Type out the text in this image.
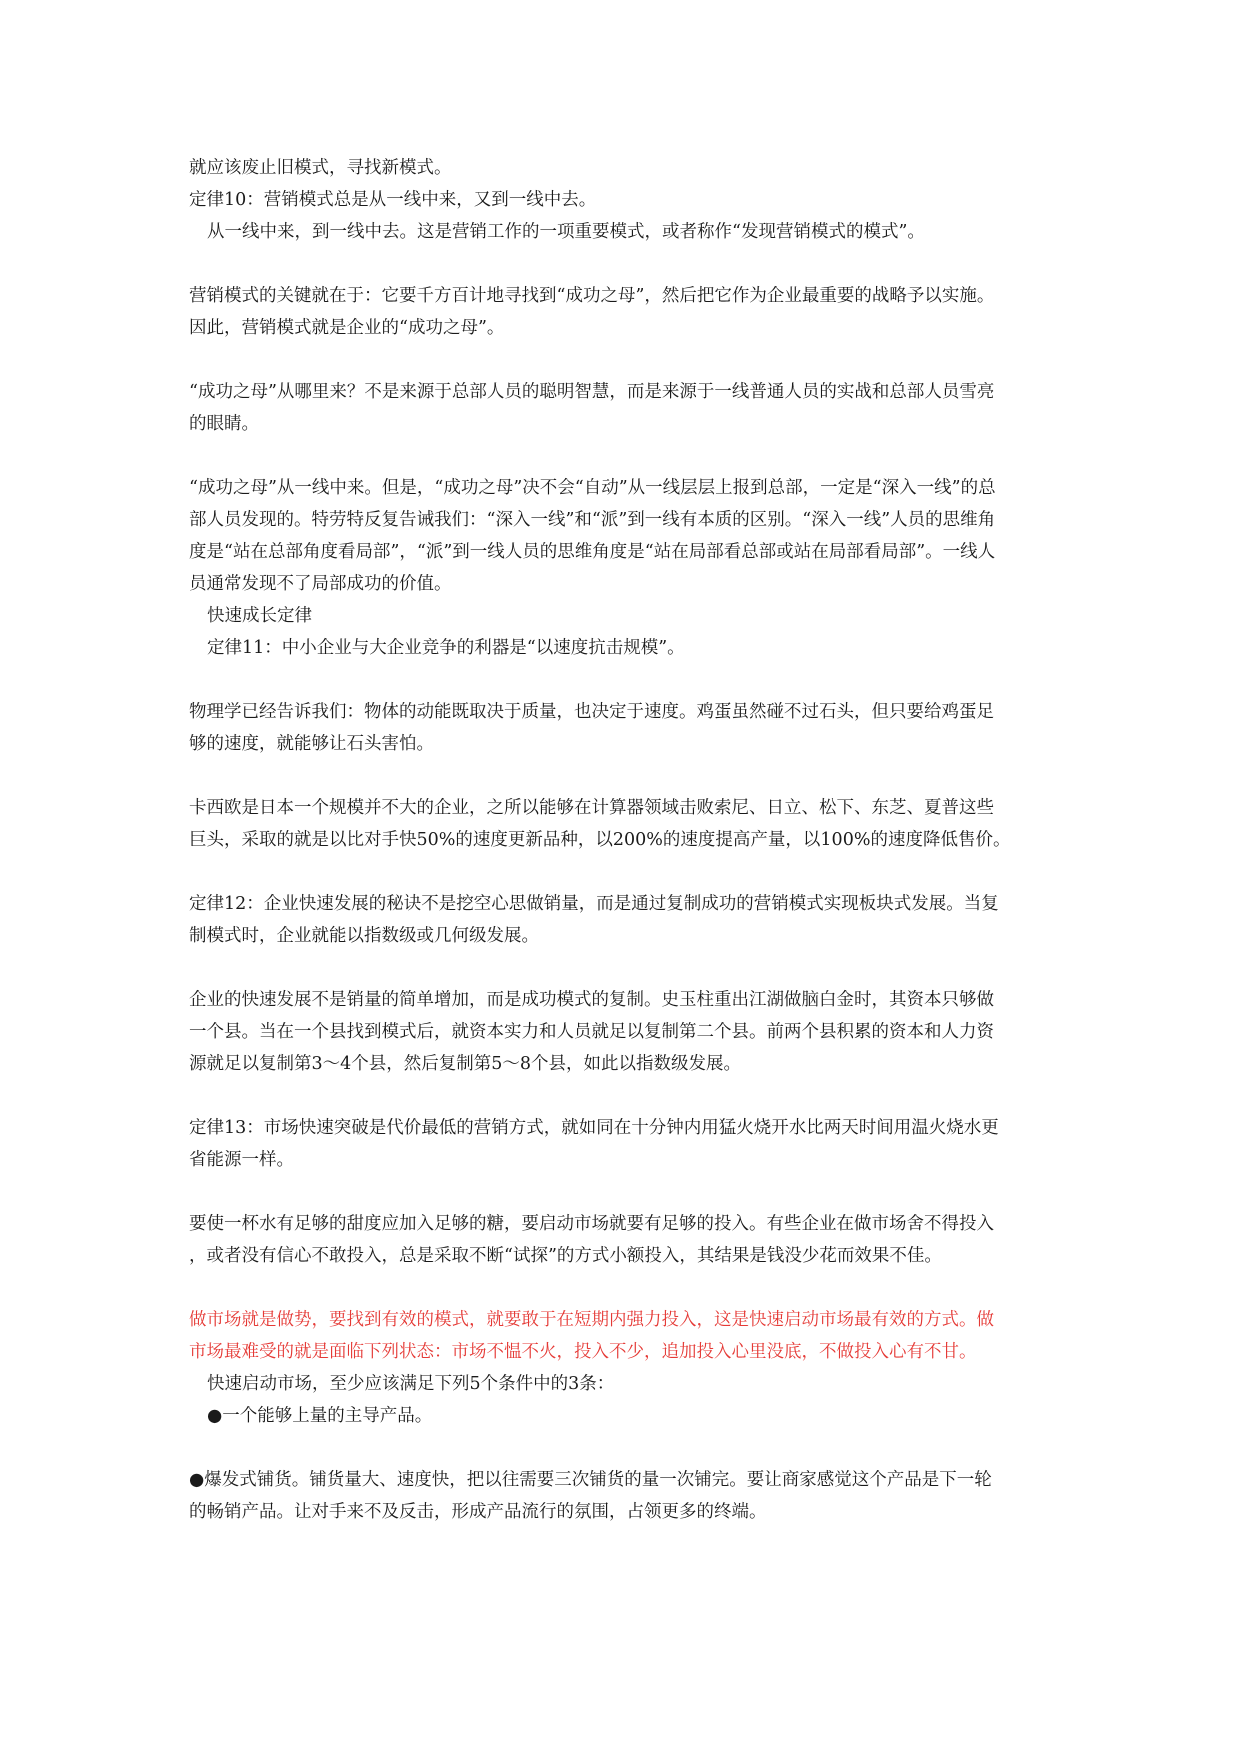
就应该废止旧模式，寻找新模式。
定律10：营销模式总是从一线中来，又到一线中去。
从一线中来，到一线中去。这是营销工作的一项重要模式，或者称作“发现营销模式的模式”。
营销模式的关键就在于：它要千方百计地寻找到“成功之母”，然后把它作为企业最重要的战略予以实施。
因此，营销模式就是企业的“成功之母”。
“成功之母”从哪里来？不是来源于总部人员的聪明智慧，而是来源于一线普通人员的实战和总部人员雪亮
的眼睛。
“成功之母”从一线中来。但是，“成功之母”决不会“自动”从一线层层上报到总部，一定是“深入一线”的总
部人员发现的。特劳特反复告诫我们：“深入一线”和“派”到一线有本质的区别。“深入一线”人员的思维角
度是“站在总部角度看局部”，“派”到一线人员的思维角度是“站在局部看总部或站在局部看局部”。一线人
员通常发现不了局部成功的价值。
快速成长定律
定律11：中小企业与大企业竞争的利器是“以速度抗击规模”。
物理学已经告诉我们：物体的动能既取决于质量，也决定于速度。鸡蛋虽然碰不过石头，但只要给鸡蛋足
够的速度，就能够让石头害怕。
卡西欧是日本一个规模并不大的企业，之所以能够在计算器领域击败索尼、日立、松下、东芝、夏普这些
巨头，采取的就是以比对手快50%的速度更新品种，以200%的速度提高产量，以100%的速度降低售价。
定律12：企业快速发展的秘诀不是挖空心思做销量，而是通过复制成功的营销模式实现板块式发展。当复
制模式时，企业就能以指数级或几何级发展。
企业的快速发展不是销量的简单增加，而是成功模式的复制。史玉柱重出江湖做脑白金时，其资本只够做
一个县。当在一个县找到模式后，就资本实力和人员就足以复制第二个县。前两个县积累的资本和人力资
源就足以复制第3～4个县，然后复制第5～8个县，如此以指数级发展。
定律13：市场快速突破是代价最低的营销方式，就如同在十分钟内用猛火烧开水比两天时间用温火烧水更
省能源一样。
要使一杯水有足够的甜度应加入足够的糖，要启动市场就要有足够的投入。有些企业在做市场舍不得投入
，或者没有信心不敢投入，总是采取不断“试探”的方式小额投入，其结果是钱没少花而效果不佳。
做市场就是做势，要找到有效的模式，就要敢于在短期内强力投入，这是快速启动市场最有效的方式。做
市场最难受的就是面临下列状态：市场不愠不火，投入不少，追加投入心里没底，不做投入心有不甘。
快速启动市场，至少应该满足下列5个条件中的3条：
●一个能够上量的主导产品。
●爆发式铺货。铺货量大、速度快，把以往需要三次铺货的量一次铺完。要让商家感觉这个产品是下一轮
的畅销产品。让对手来不及反击，形成产品流行的氛围，占领更多的终端。
